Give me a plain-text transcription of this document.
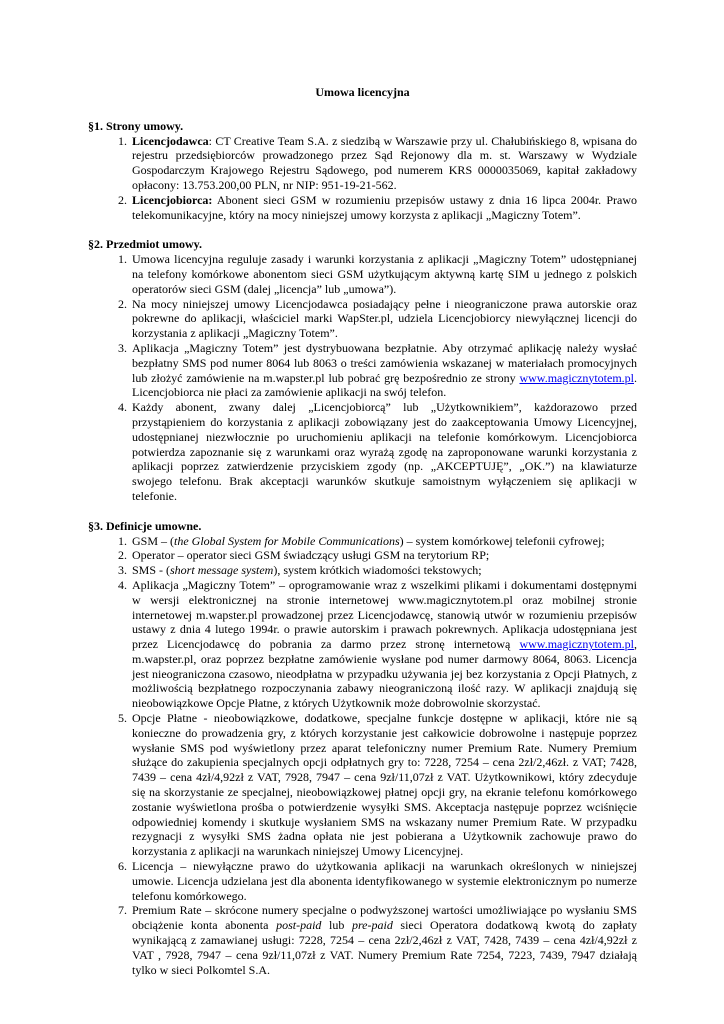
Umowa licencyjna
§1. Strony umowy.
1. Licencjodawca: CT Creative Team S.A. z siedzibą w Warszawie przy ul. Chałubińskiego 8, wpisana do rejestru przedsiębiorców prowadzonego przez Sąd Rejonowy dla m. st. Warszawy w Wydziale Gospodarczym Krajowego Rejestru Sądowego, pod numerem KRS 0000035069, kapitał zakładowy opłacony: 13.753.200,00 PLN, nr NIP: 951-19-21-562.
2. Licencjobiorca: Abonent sieci GSM w rozumieniu przepisów ustawy z dnia 16 lipca 2004r. Prawo telekomunikacyjne, który na mocy niniejszej umowy korzysta z aplikacji „Magiczny Totem”.
§2. Przedmiot umowy.
1. Umowa licencyjna reguluje zasady i warunki korzystania z aplikacji „Magiczny Totem” udostępnianej na telefony komórkowe abonentom sieci GSM użytkującym aktywną kartę SIM u jednego z polskich operatorów sieci GSM (dalej „licencja” lub „umowa”).
2. Na mocy niniejszej umowy Licencjodawca posiadający pełne i nieograniczone prawa autorskie oraz pokrewne do aplikacji, właściciel marki WapSter.pl, udziela Licencjobiorcy niewyłącznej licencji do korzystania z aplikacji „Magiczny Totem”.
3. Aplikacja „Magiczny Totem” jest dystrybuowana bezpłatnie. Aby otrzymać aplikację należy wysłać bezpłatny SMS pod numer 8064 lub 8063 o treści zamówienia wskazanej w materiałach promocyjnych lub złożyć zamówienie na m.wapster.pl lub pobrać grę bezpośrednio ze strony www.magicznytotem.pl. Licencjobiorca nie płaci za zamówienie aplikacji na swój telefon.
4. Każdy abonent, zwany dalej „Licencjobiorcą” lub „Użytkownikiem”, każdorazowo przed przystąpieniem do korzystania z aplikacji zobowiązany jest do zaakceptowania Umowy Licencyjnej, udostępnianej niezwłocznie po uruchomieniu aplikacji na telefonie komórkowym. Licencjobiorca potwierdza zapoznanie się z warunkami oraz wyrażą zgodę na zaproponowane warunki korzystania z aplikacji poprzez zatwierdzenie przyciskiem zgody (np. „AKCEPTUJĘ”, „OK.”) na klawiaturze swojego telefonu. Brak akceptacji warunków skutkuje samoistnym wyłączeniem się aplikacji w telefonie.
§3. Definicje umowne.
1. GSM – (the Global System for Mobile Communications) – system komórkowej telefonii cyfrowej;
2. Operator – operator sieci GSM świadczący usługi GSM na terytorium RP;
3. SMS - (short message system), system krótkich wiadomości tekstowych;
4. Aplikacja „Magiczny Totem” – oprogramowanie wraz z wszelkimi plikami i dokumentami dostępnymi w wersji elektronicznej na stronie internetowej www.magicznytotem.pl oraz mobilnej stronie internetowej m.wapster.pl prowadzonej przez Licencjodawcę, stanowią utwór w rozumieniu przepisów ustawy z dnia 4 lutego 1994r. o prawie autorskim i prawach pokrewnych. Aplikacja udostępniana jest przez Licencjodawcę do pobrania za darmo przez stronę internetową www.magicznytotem.pl, m.wapster.pl, oraz poprzez bezpłatne zamówienie wysłane pod numer darmowy 8064, 8063. Licencja jest nieograniczona czasowo, nieodpłatna w przypadku używania jej bez korzystania z Opcji Płatnych, z możliwością bezpłatnego rozpoczynania zabawy nieograniczoną ilość razy. W aplikacji znajdują się nieobowiązkowe Opcje Płatne, z których Użytkownik może dobrowolnie skorzystać.
5. Opcje Płatne - nieobowiązkowe, dodatkowe, specjalne funkcje dostępne w aplikacji, które nie są konieczne do prowadzenia gry, z których korzystanie jest całkowicie dobrowolne i następuje poprzez wysłanie SMS pod wyświetlony przez aparat telefoniczny numer Premium Rate. Numery Premium służące do zakupienia specjalnych opcji odpłatnych gry to: 7228, 7254 – cena 2zł/2,46zł. z VAT; 7428, 7439 – cena 4zł/4,92zł z VAT, 7928, 7947 – cena 9zł/11,07zł z VAT. Użytkownikowi, który zdecyduje się na skorzystanie ze specjalnej, nieobowiązkowej płatnej opcji gry, na ekranie telefonu komórkowego zostanie wyświetlona prośba o potwierdzenie wysyłki SMS. Akceptacja następuje poprzez wciśnięcie odpowiedniej komendy i skutkuje wysłaniem SMS na wskazany numer Premium Rate. W przypadku rezygnacji z wysyłki SMS żadna opłata nie jest pobierana a Użytkownik zachowuje prawo do korzystania z aplikacji na warunkach niniejszej Umowy Licencyjnej.
6. Licencja – niewyłączne prawo do użytkowania aplikacji na warunkach określonych w niniejszej umowie. Licencja udzielana jest dla abonenta identyfikowanego w systemie elektronicznym po numerze telefonu komórkowego.
7. Premium Rate – skrócone numery specjalne o podwyższonej wartości umożliwiające po wysłaniu SMS obciążenie konta abonenta post-paid lub pre-paid sieci Operatora dodatkową kwotą do zapłaty wynikającą z zamawianej usługi: 7228, 7254 – cena 2zł/2,46zł z VAT, 7428, 7439 – cena 4zł/4,92zł z VAT , 7928, 7947 – cena 9zł/11,07zł z VAT. Numery Premium Rate 7254, 7223, 7439, 7947 działają tylko w sieci Polkomtel S.A.
